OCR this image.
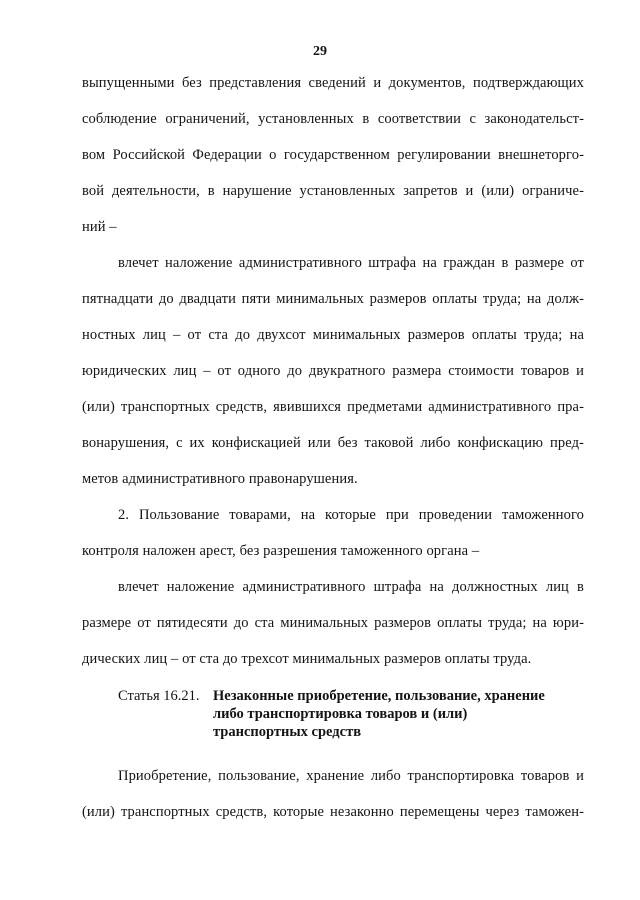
29
выпущенными без представления сведений и документов, подтверждающих
соблюдение ограничений, установленных в соответствии с законодательст-
вом Российской Федерации о государственном регулировании внешнеторго-
вой деятельности, в нарушение установленных запретов и (или) ограниче-
ний –
влечет наложение административного штрафа на граждан в размере от
пятнадцати до двадцати пяти минимальных размеров оплаты труда; на долж-
ностных лиц – от ста до двухсот минимальных размеров оплаты труда; на
юридических лиц – от одного до двукратного размера стоимости товаров и
(или) транспортных средств, явившихся предметами административного пра-
вонарушения, с их конфискацией или без таковой либо конфискацию пред-
метов административного правонарушения.
2. Пользование товарами, на которые при проведении таможенного
контроля наложен арест, без разрешения таможенного органа –
влечет наложение административного штрафа на должностных лиц в
размере от пятидесяти до ста минимальных размеров оплаты труда; на юри-
дических лиц – от ста до трехсот минимальных размеров оплаты труда.
Статья 16.21. Незаконные приобретение, пользование, хранение
либо транспортировка товаров и (или)
транспортных средств
Приобретение, пользование, хранение либо транспортировка товаров и
(или) транспортных средств, которые незаконно перемещены через таможен-
